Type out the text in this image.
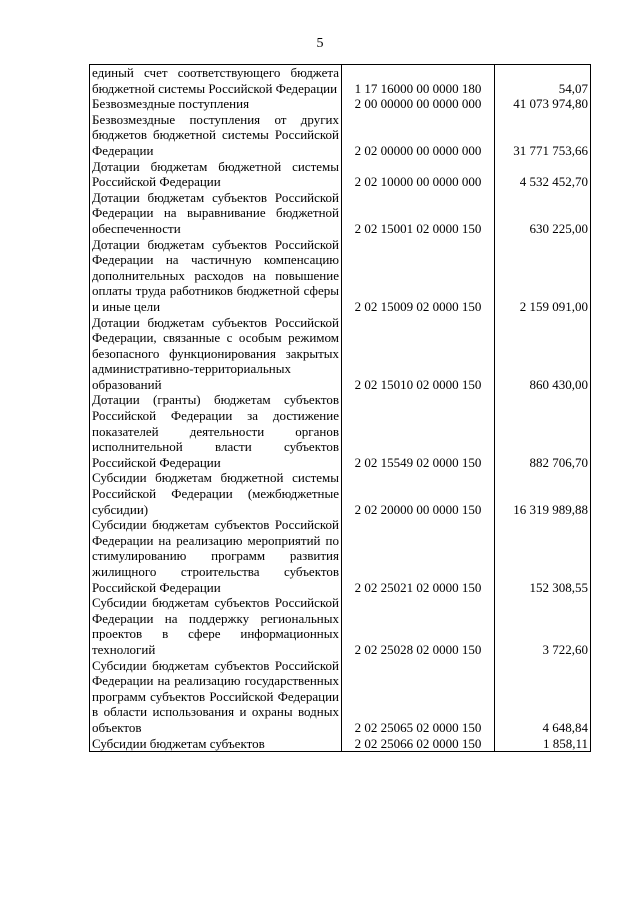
5
единый счет соответствующего бюджета бюджетной системы Российской Федерации	1 17 16000 00 0000 180	54,07
Безвозмездные поступления	2 00 00000 00 0000 000	41 073 974,80
Безвозмездные поступления от других бюджетов бюджетной системы Российской Федерации	2 02 00000 00 0000 000	31 771 753,66
Дотации бюджетам бюджетной системы Российской Федерации	2 02 10000 00 0000 000	4 532 452,70
Дотации бюджетам субъектов Российской Федерации на выравнивание бюджетной обеспеченности	2 02 15001 02 0000 150	630 225,00
Дотации бюджетам субъектов Российской Федерации на частичную компенсацию дополнительных расходов на повышение оплаты труда работников бюджетной сферы и иные цели	2 02 15009 02 0000 150	2 159 091,00
Дотации бюджетам субъектов Российской Федерации, связанные с особым режимом безопасного функционирования закрытых административно-территориальных образований	2 02 15010 02 0000 150	860 430,00
Дотации (гранты) бюджетам субъектов Российской Федерации за достижение показателей деятельности органов исполнительной власти субъектов Российской Федерации	2 02 15549 02 0000 150	882 706,70
Субсидии бюджетам бюджетной системы Российской Федерации (межбюджетные субсидии)	2 02 20000 00 0000 150	16 319 989,88
Субсидии бюджетам субъектов Российской Федерации на реализацию мероприятий по стимулированию программ развития жилищного строительства субъектов Российской Федерации	2 02 25021 02 0000 150	152 308,55
Субсидии бюджетам субъектов Российской Федерации на поддержку региональных проектов в сфере информационных технологий	2 02 25028 02 0000 150	3 722,60
Субсидии бюджетам субъектов Российской Федерации на реализацию государственных программ субъектов Российской Федерации в области использования и охраны водных объектов	2 02 25065 02 0000 150	4 648,84
Субсидии бюджетам субъектов	2 02 25066 02 0000 150	1 858,11
